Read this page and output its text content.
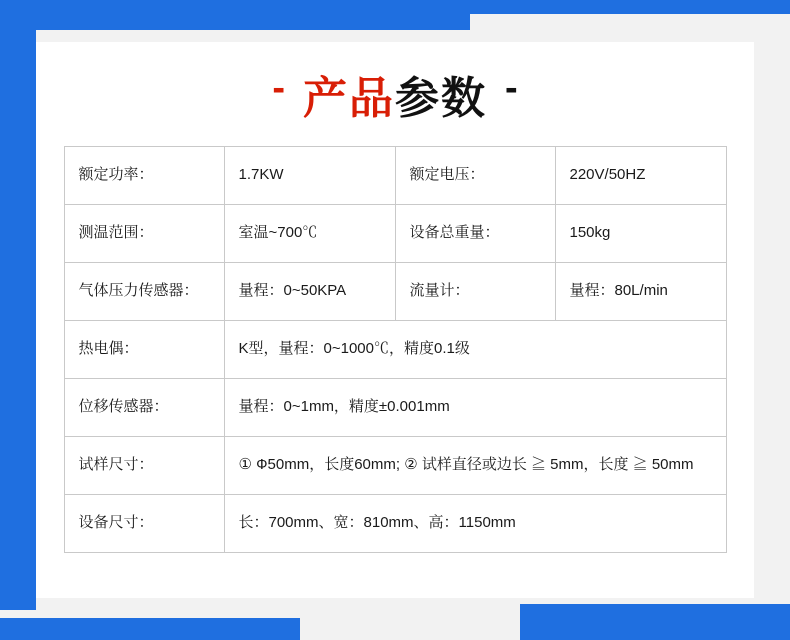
- 产品参数 -
额定功率：	1.7KW	额定电压：	220V/50HZ
测温范围：	室温~700℃	设备总重量：	150kg
气体压力传感器：	量程：0~50KPA	流量计：	量程：80L/min
热电偶：	K型，量程：0~1000℃，精度0.1级		
位移传感器：	量程：0~1mm，精度±0.001mm		
试样尺寸：	① Ф50mm，长度60mm; ② 试样直径或边长 ≧ 5mm，长度 ≧ 50mm		
设备尺寸：	长：700mm、宽：810mm、高：1150mm		
